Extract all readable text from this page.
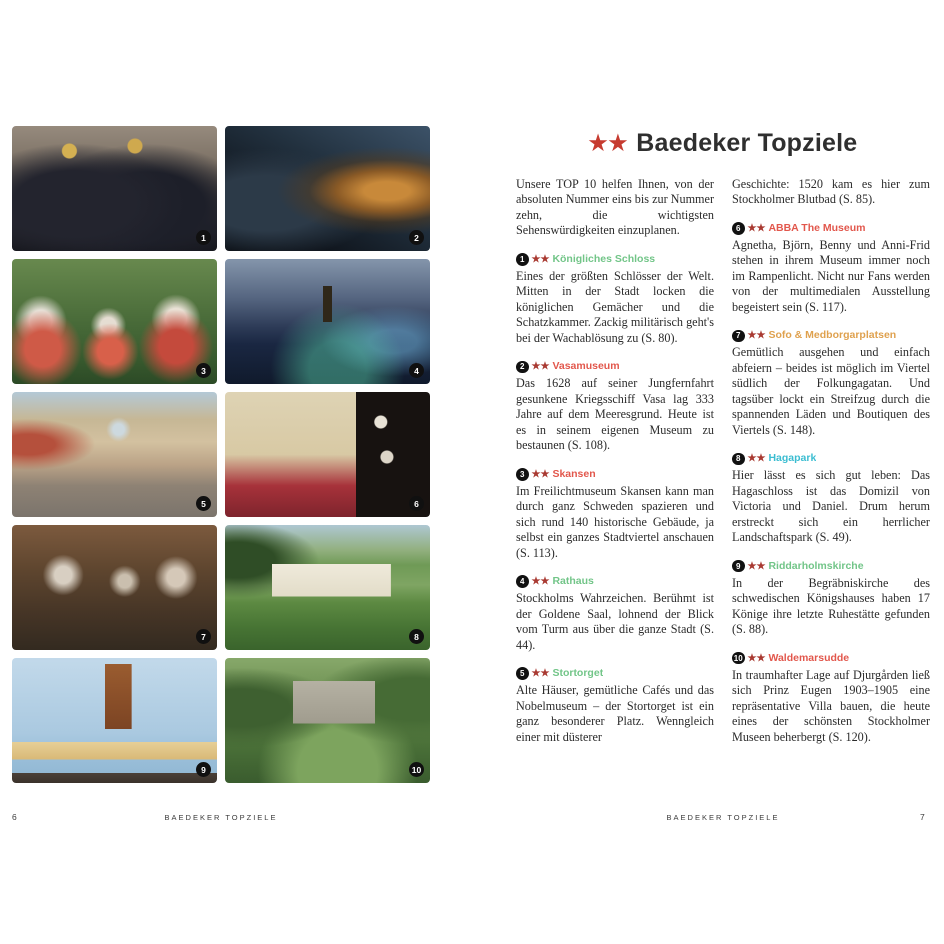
1	2
3	4
5	6
7	8
9	10
★★ Baedeker Topziele

Unsere TOP 10 helfen Ihnen, von der absoluten Nummer eins bis zur Nummer zehn, die wichtigsten Sehenswürdigkeiten einzuplanen.

1 ★★ Königliches Schloss

Eines der größten Schlösser der Welt. Mitten in der Stadt locken die königlichen Gemächer und die Schatzkammer. Zackig militärisch geht's bei der Wachablösung zu (S. 80).

2 ★★ Vasamuseum

Das 1628 auf seiner Jungfernfahrt gesunkene Kriegsschiff Vasa lag 333 Jahre auf dem Meeresgrund. Heute ist es in seinem eigenen Museum zu bestaunen (S. 108).

3 ★★ Skansen

Im Freilichtmuseum Skansen kann man durch ganz Schweden spazieren und sich rund 140 historische Gebäude, ja selbst ein ganzes Stadtviertel anschauen (S. 113).

4 ★★ Rathaus

Stockholms Wahrzeichen. Berühmt ist der Goldene Saal, lohnend der Blick vom Turm aus über die ganze Stadt (S. 44).

5 ★★ Stortorget

Alte Häuser, gemütliche Cafés und das Nobelmuseum – der Stortorget ist ein ganz besonderer Platz. Wenngleich einer mit düsterer

Geschichte: 1520 kam es hier zum Stockholmer Blutbad (S. 85).

6 ★★ ABBA The Museum

Agnetha, Björn, Benny und Anni-Frid stehen in ihrem Museum immer noch im Rampenlicht. Nicht nur Fans werden von der multimedialen Ausstellung begeistert sein (S. 117).

7 ★★ Sofo & Medborgarplatsen

Gemütlich ausgehen und einfach abfeiern – beides ist möglich im Viertel südlich der Folkungagatan. Und tagsüber lockt ein Streifzug durch die spannenden Läden und Boutiquen des Viertels (S. 148).

8 ★★ Hagapark

Hier lässt es sich gut leben: Das Hagaschloss ist das Domizil von Victoria und Daniel. Drum herum erstreckt sich ein herrlicher Landschaftspark (S. 49).

9 ★★ Riddarholmskirche

In der Begräbniskirche des schwedischen Königshauses haben 17 Könige ihre letzte Ruhestätte gefunden (S. 88).

10 ★★ Waldemarsudde

In traumhafter Lage auf Djurgården ließ sich Prinz Eugen 1903–1905 eine repräsentative Villa bauen, die heute eines der schönsten Stockholmer Museen beherbergt (S. 120).

6	BAEDEKER TOPZIELE	BAEDEKER TOPZIELE	7
